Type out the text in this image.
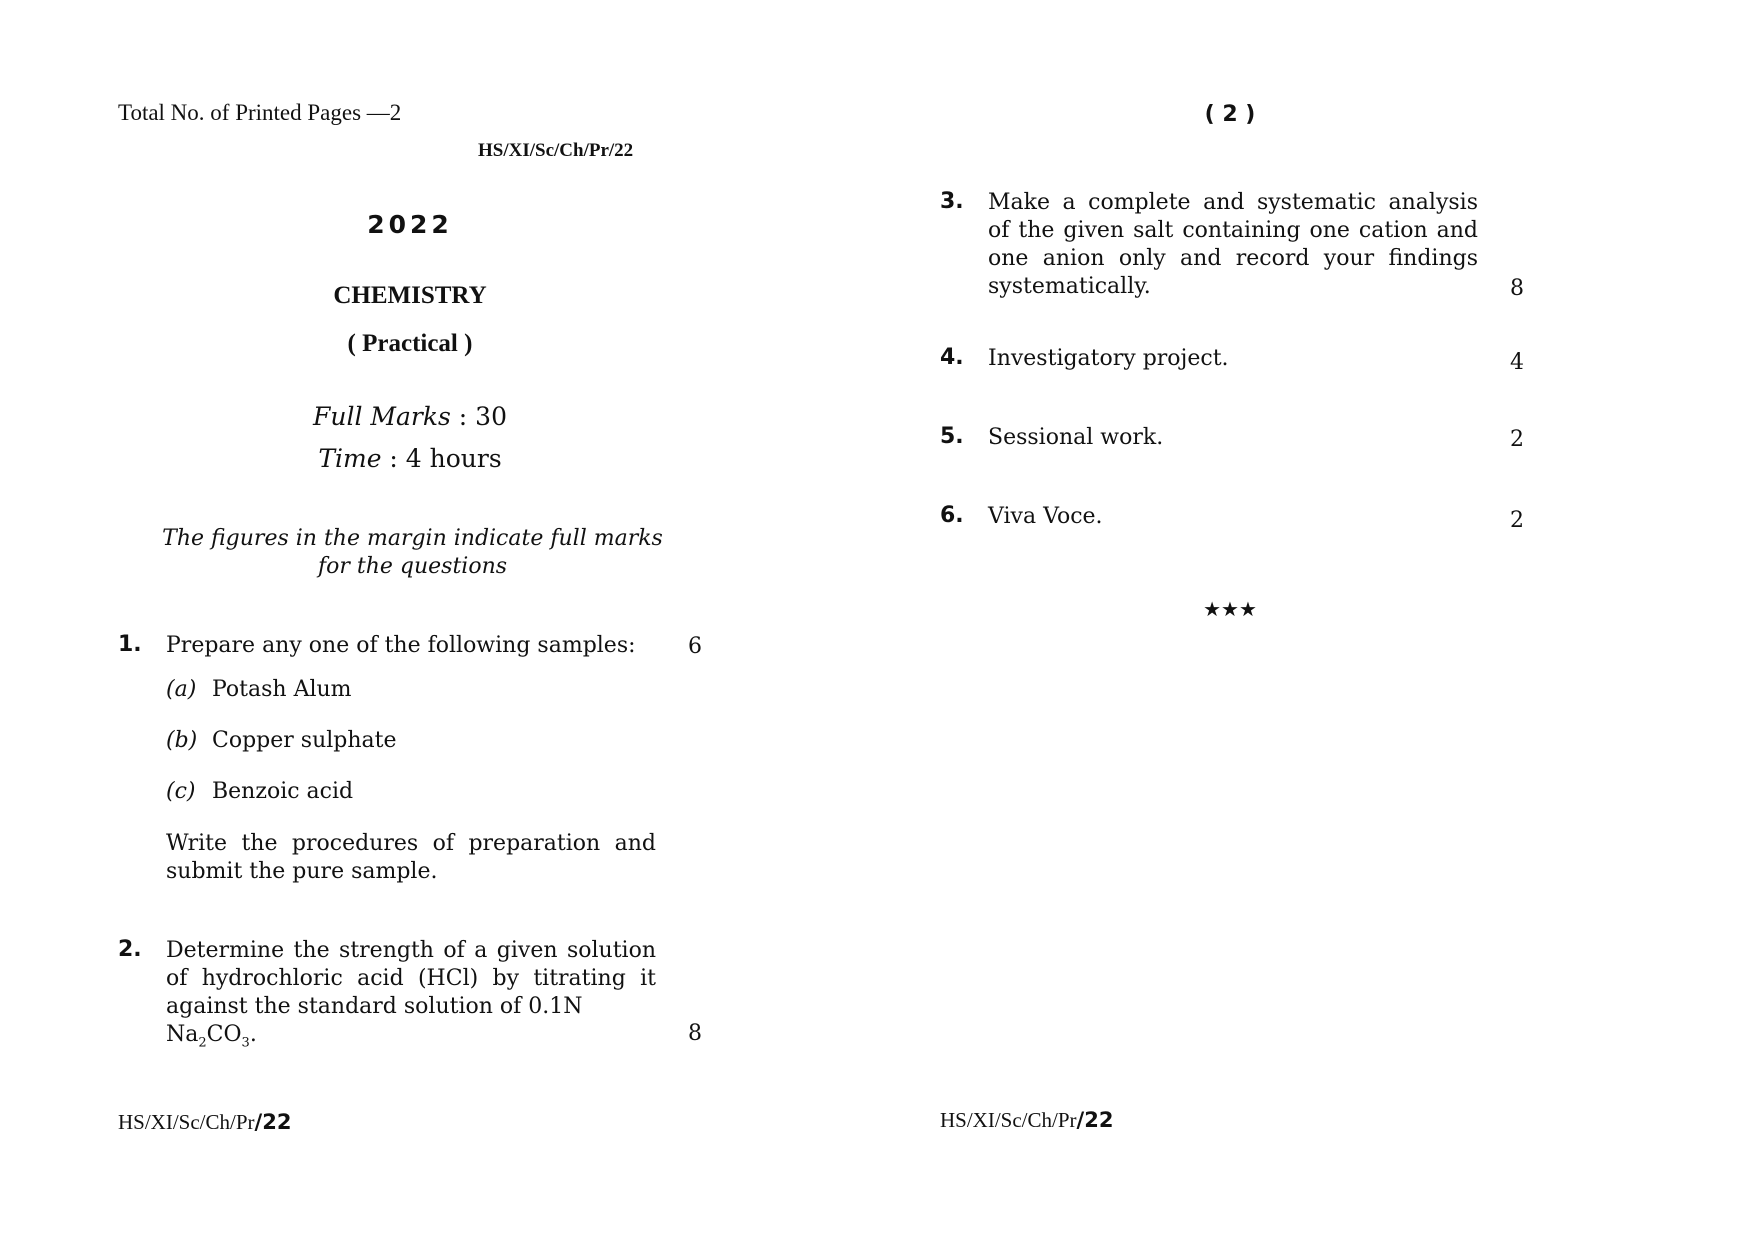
Total No. of Printed Pages —2
HS/XI/Sc/Ch/Pr/22
2022
CHEMISTRY
( Practical )
Full Marks : 30
Time : 4 hours
The figures in the margin indicate full marks for the questions
1. Prepare any one of the following samples:	6
(a) Potash Alum
(b) Copper sulphate
(c) Benzoic acid
Write the procedures of preparation and submit the pure sample.
2. Determine the strength of a given solution of hydrochloric acid (HCl) by titrating it against the standard solution of 0.1N
$Na_2CO_3$.	8
HS/XI/Sc/Ch/Pr/22
( 2 )
3. Make a complete and systematic analysis of the given salt containing one cation and one anion only and record your findings systematically.	8
4. Investigatory project.	4
5. Sessional work.	2
6. Viva Voce.	2
★★★
HS/XI/Sc/Ch/Pr/22
